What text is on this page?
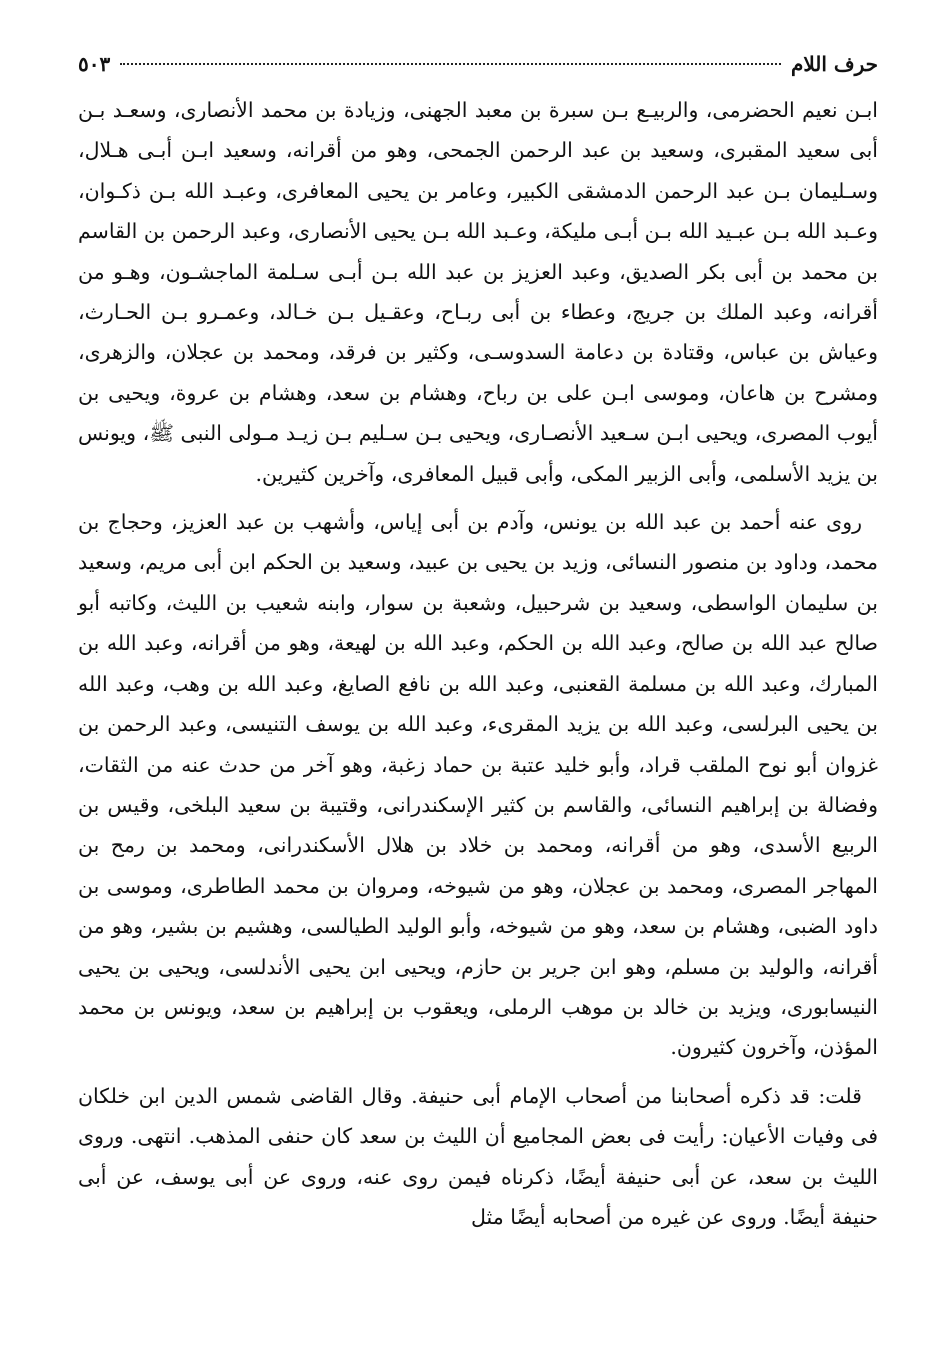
حرف اللام
٥٠٣

ابـن نعيم الحضرمى، والربيـع بـن سبرة بن معبد الجهنى، وزيادة بن محمد الأنصارى، وسعـد بـن أبى سعيد المقبرى، وسعيد بن عبد الرحمن الجمحى، وهو من أقرانه، وسعيد ابـن أبـى هـلال، وسـليمان بـن عبد الرحمن الدمشقى الكبير، وعامر بن يحيى المعافرى، وعبـد الله بـن ذكـوان، وعـبد الله بـن عبـيد الله بـن أبـى مليكة، وعـبد الله بـن يحيى الأنصارى، وعبد الرحمن بن القاسم بن محمد بن أبى بكر الصديق، وعبد العزيز بن عبد الله بـن أبـى سـلمة الماجشـون، وهـو من أقرانه، وعبد الملك بن جريج، وعطاء بن أبى ربـاح، وعقـيل بـن خـالد، وعمـرو بـن الحـارث، وعياش بن عباس، وقتادة بن دعامة السدوسـى، وكثير بن فرقد، ومحمد بن عجلان، والزهرى، ومشرح بن هاعان، وموسى ابـن على بن رباح، وهشام بن سعد، وهشام بن عروة، ويحيى بن أيوب المصرى، ويحيى ابـن سـعيد الأنصـارى، ويحيى بـن سـليم بـن زيـد مـولى النبى ﷺ، ويونس بن يزيد الأسلمى، وأبى الزبير المكى، وأبى قبيل المعافرى، وآخرين كثيرين.

روى عنه أحمد بن عبد الله بن يونس، وآدم بن أبى إياس، وأشهب بن عبد العزيز، وحجاج بن محمد، وداود بن منصور النسائى، وزيد بن يحيى بن عبيد، وسعيد بن الحكم ابن أبى مريم، وسعيد بن سليمان الواسطى، وسعيد بن شرحبيل، وشعبة بن سوار، وابنه شعيب بن الليث، وكاتبه أبو صالح عبد الله بن صالح، وعبد الله بن الحكم، وعبد الله بن لهيعة، وهو من أقرانه، وعبد الله بن المبارك، وعبد الله بن مسلمة القعنبى، وعبد الله بن نافع الصايغ، وعبد الله بن وهب، وعبد الله بن يحيى البرلسى، وعبد الله بن يزيد المقرىء، وعبد الله بن يوسف التنيسى، وعبد الرحمن بن غزوان أبو نوح الملقب قراد، وأبو خليد عتبة بن حماد زغبة، وهو آخر من حدث عنه من الثقات، وفضالة بن إبراهيم النسائى، والقاسم بن كثير الإسكندرانى، وقتيبة بن سعيد البلخى، وقيس بن الربيع الأسدى، وهو من أقرانه، ومحمد بن خلاد بن هلال الأسكندرانى، ومحمد بن رمح بن المهاجر المصرى، ومحمد بن عجلان، وهو من شيوخه، ومروان بن محمد الطاطرى، وموسى بن داود الضبى، وهشام بن سعد، وهو من شيوخه، وأبو الوليد الطيالسى، وهشيم بن بشير، وهو من أقرانه، والوليد بن مسلم، وهو ابن جرير بن حازم، ويحيى ابن يحيى الأندلسى، ويحيى بن يحيى النيسابورى، ويزيد بن خالد بن موهب الرملى، ويعقوب بن إبراهيم بن سعد، ويونس بن محمد المؤذن، وآخرون كثيرون.

قلت: قد ذكره أصحابنا من أصحاب الإمام أبى حنيفة. وقال القاضى شمس الدين ابن خلكان فى وفيات الأعيان: رأيت فى بعض المجاميع أن الليث بن سعد كان حنفى المذهب. انتهى. وروى الليث بن سعد، عن أبى حنيفة أيضًا، ذكرناه فيمن روى عنه، وروى عن أبى يوسف، عن أبى حنيفة أيضًا. وروى عن غيره من أصحابه أيضًا مثل
